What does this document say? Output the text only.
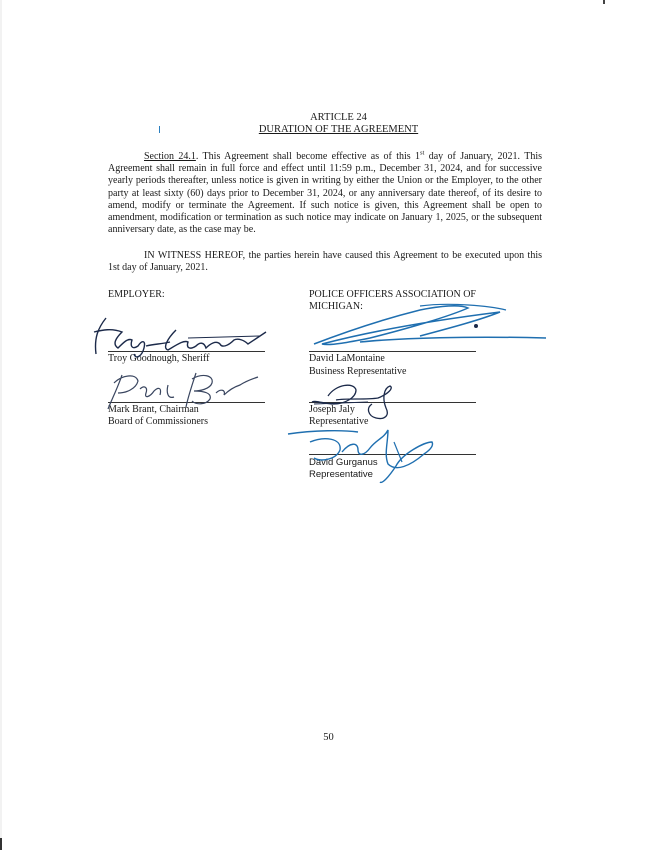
ARTICLE 24
DURATION OF THE AGREEMENT
Section 24.1. This Agreement shall become effective as of this 1st day of January, 2021. This Agreement shall remain in full force and effect until 11:59 p.m., December 31, 2024, and for successive yearly periods thereafter, unless notice is given in writing by either the Union or the Employer, to the other party at least sixty (60) days prior to December 31, 2024, or any anniversary date thereof, of its desire to amend, modify or terminate the Agreement. If such notice is given, this Agreement shall be open to amendment, modification or termination as such notice may indicate on January 1, 2025, or the subsequent anniversary date, as the case may be.
IN WITNESS HEREOF, the parties herein have caused this Agreement to be executed upon this 1st day of January, 2021.
EMPLOYER:	POLICE OFFICERS ASSOCIATION OF
MICHIGAN:
Troy Goodnough, Sheriff
Mark Brant, Chairman
Board of Commissioners
David LaMontaine
Business Representative
Joseph Jaly
Representative
David Gurganus
Representative
50
